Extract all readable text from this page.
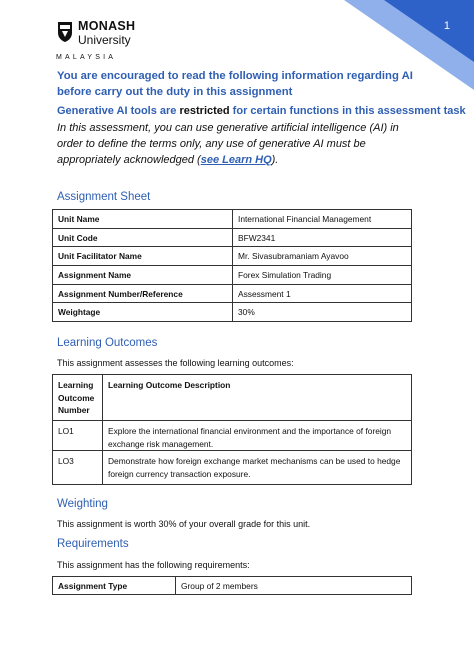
1
MONASH
University
MALAYSIA
You are encouraged to read the following information regarding AI before carry out the duty in this assignment
Generative AI tools are restricted for certain functions in this assessment task
In this assessment, you can use generative artificial intelligence (AI) in order to define the terms only, any use of generative AI must be appropriately acknowledged (see Learn HQ).
Assignment Sheet
Unit Name	International Financial Management
Unit Code	BFW2341
Unit Facilitator Name	Mr. Sivasubramaniam Ayavoo
Assignment Name	Forex Simulation Trading
Assignment Number/Reference	Assessment 1
Weightage	30%
Learning Outcomes
This assignment assesses the following learning outcomes:
Learning Outcome Number	Learning Outcome Description
LO1	Explore the international financial environment and the importance of foreign exchange risk management.
LO3	Demonstrate how foreign exchange market mechanisms can be used to hedge foreign currency transaction exposure.
Weighting
This assignment is worth 30% of your overall grade for this unit.
Requirements
This assignment has the following requirements:
Assignment Type	Group of 2 members
